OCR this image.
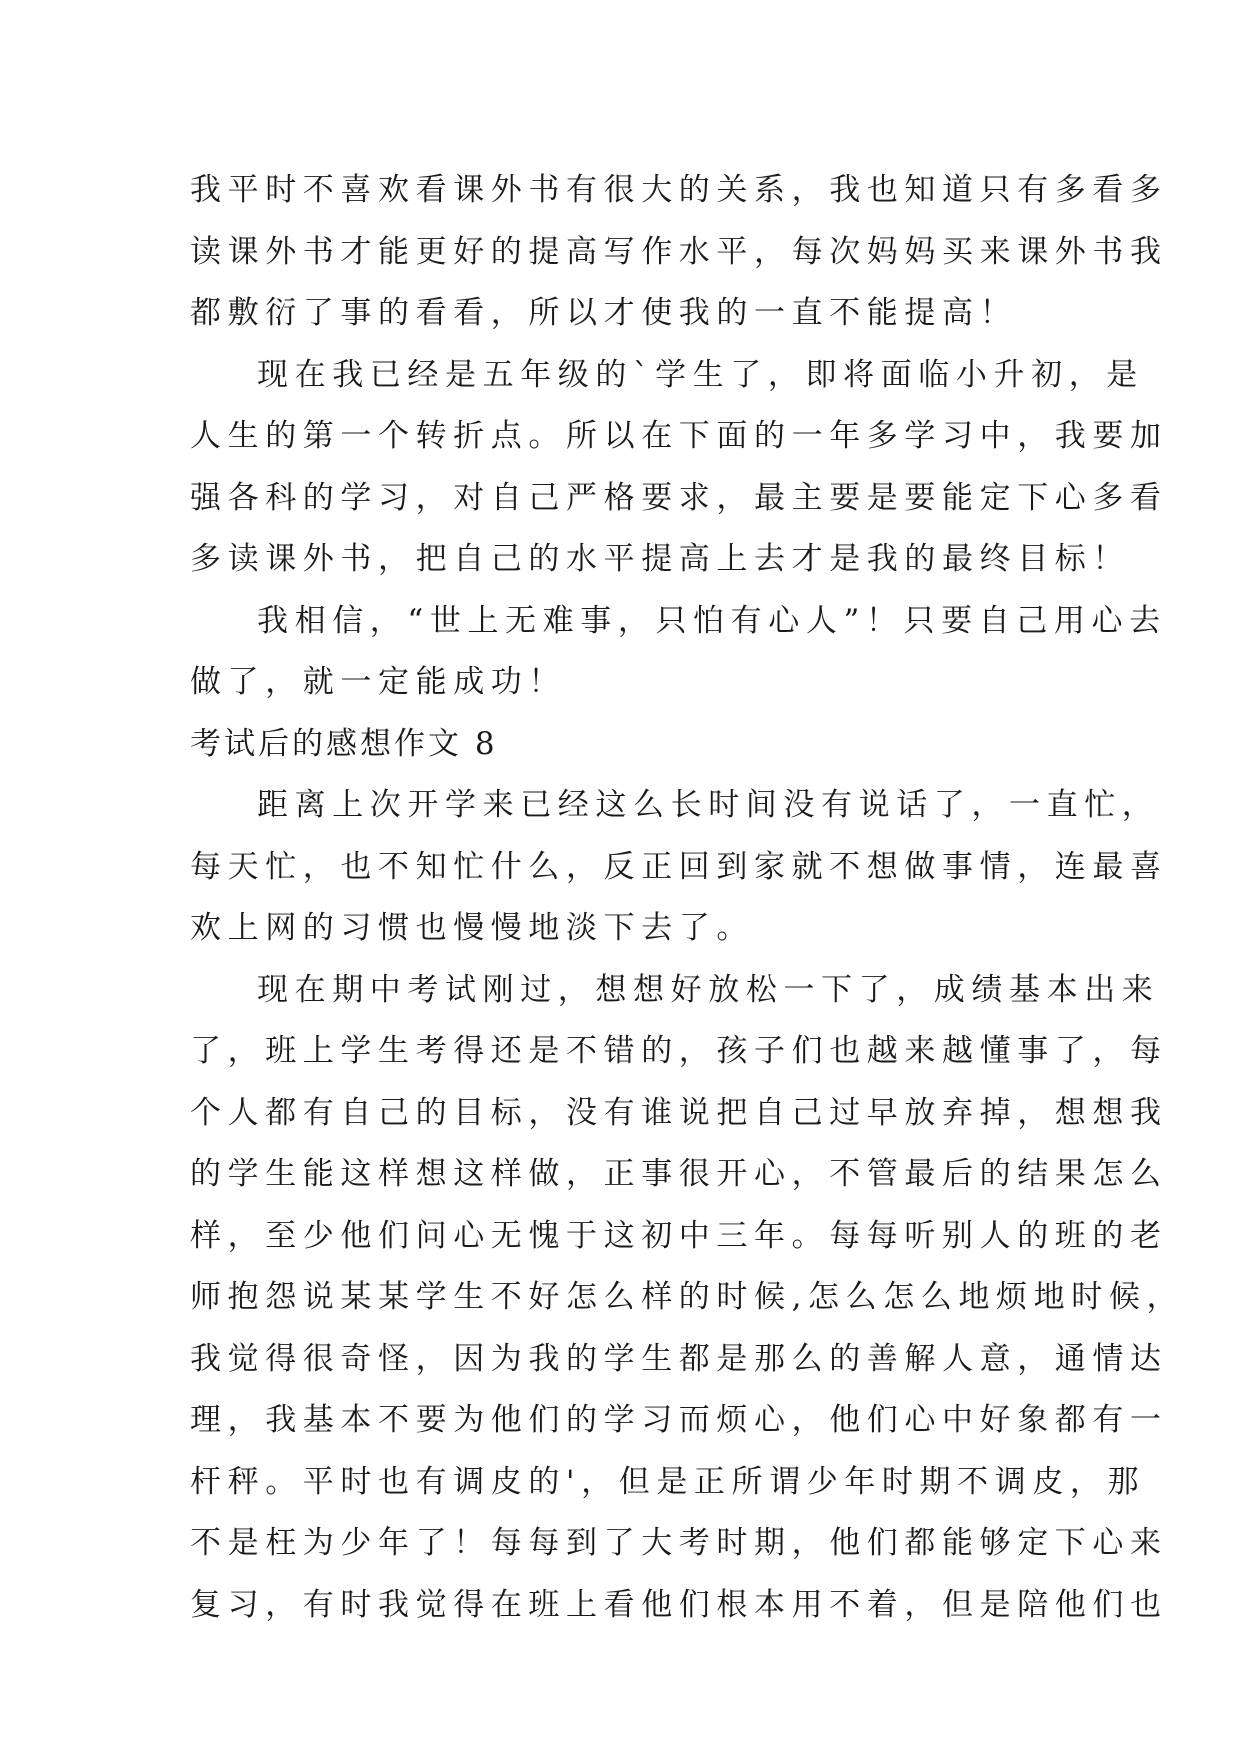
我平时不喜欢看课外书有很大的关系，我也知道只有多看多
读课外书才能更好的提高写作水平，每次妈妈买来课外书我
都敷衍了事的看看，所以才使我的一直不能提高！
现在我已经是五年级的`学生了，即将面临小升初，是
人生的第一个转折点。所以在下面的一年多学习中，我要加
强各科的学习，对自己严格要求，最主要是要能定下心多看
多读课外书，把自己的水平提高上去才是我的最终目标！
我相信，“世上无难事，只怕有心人”！只要自己用心去
做了，就一定能成功！
考试后的感想作文 8
距离上次开学来已经这么长时间没有说话了，一直忙，
每天忙，也不知忙什么，反正回到家就不想做事情，连最喜
欢上网的习惯也慢慢地淡下去了。
现在期中考试刚过，想想好放松一下了，成绩基本出来
了，班上学生考得还是不错的，孩子们也越来越懂事了，每
个人都有自己的目标，没有谁说把自己过早放弃掉，想想我
的学生能这样想这样做，正事很开心，不管最后的结果怎么
样，至少他们问心无愧于这初中三年。每每听别人的班的老
师抱怨说某某学生不好怎么样的时候,怎么怎么地烦地时候，
我觉得很奇怪，因为我的学生都是那么的善解人意，通情达
理，我基本不要为他们的学习而烦心，他们心中好象都有一
杆秤。平时也有调皮的'，但是正所谓少年时期不调皮，那
不是枉为少年了！每每到了大考时期，他们都能够定下心来
复习，有时我觉得在班上看他们根本用不着，但是陪他们也
